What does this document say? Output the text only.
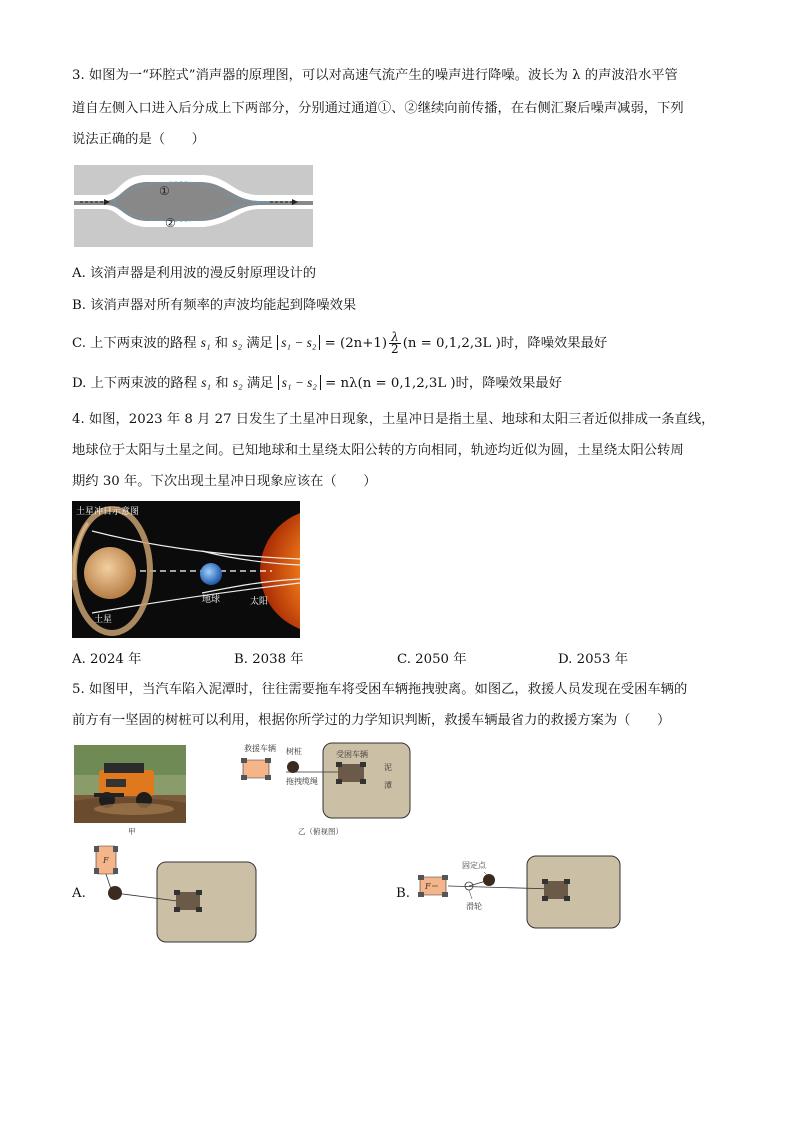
3. 如图为一“环腔式”消声器的原理图，可以对高速气流产生的噪声进行降噪。波长为 λ 的声波沿水平管
道自左侧入口进入后分成上下两部分，分别通过通道①、②继续向前传播，在右侧汇聚后噪声减弱，下列
说法正确的是（　　）
①
②
A. 该消声器是利用波的漫反射原理设计的
B. 该消声器对所有频率的声波均能起到降噪效果
C. 上下两束波的路程 s₁ 和 s₂ 满足 $s_1 - s_2 = (2n+1) \frac{\lambda}{2} (n = 0,1,2,3L$ )时，降噪效果最好
D. 上下两束波的路程 s₁ 和 s₂ 满足 s₁ − s₂ = nλ(n = 0,1,2,3L )时，降噪效果最好
4. 如图，2023 年 8 月 27 日发生了土星冲日现象，土星冲日是指土星、地球和太阳三者近似排成一条直线，
地球位于太阳与土星之间。已知地球和土星绕太阳公转的方向相同，轨迹均近似为圆，土星绕太阳公转周
期约 30 年。下次出现土星冲日现象应该在（　　）
土星冲日示意图
地球	太阳
土星
A. 2024 年	B. 2038 年	C. 2050 年	D. 2053 年
5. 如图甲，当汽车陷入泥潭时，往往需要拖车将受困车辆拖拽驶离。如图乙，救援人员发现在受困车辆的
前方有一坚固的树桩可以利用，根据你所学过的力学知识判断，救援车辆最省力的救援方案为（　　）
甲
救援车辆 树桩	受困车辆
拖拽缆绳
泥
潭
乙（俯视图）
A.
F
B. F
固定点
滑轮
